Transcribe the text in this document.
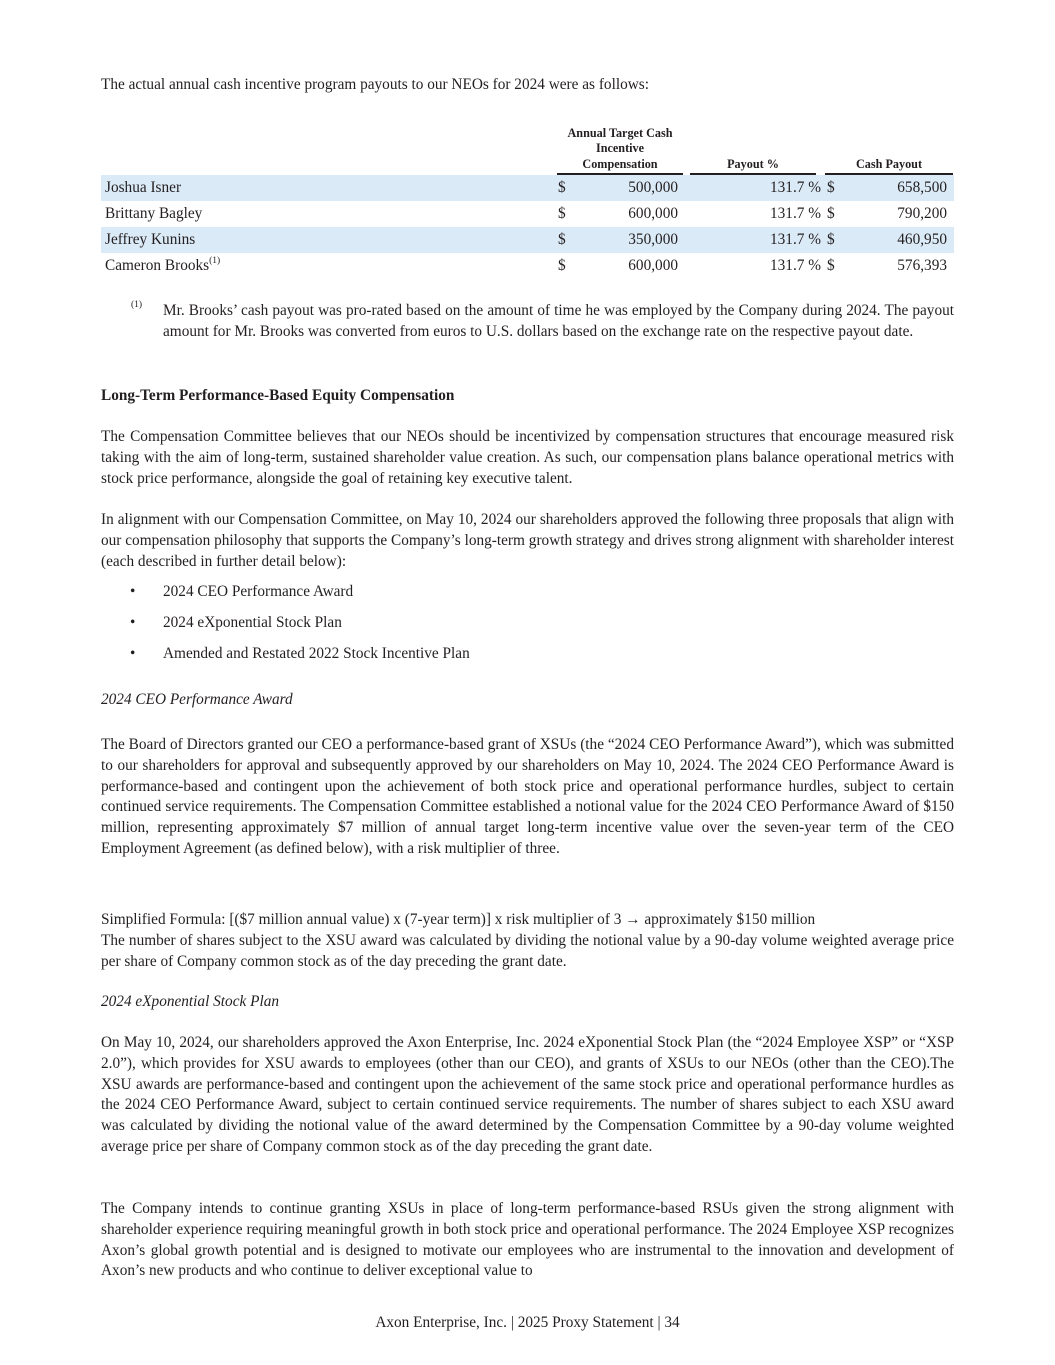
The actual annual cash incentive program payouts to our NEOs for 2024 were as follows:

Annual Target Cash Incentive Compensation	Payout %	Cash Payout
Joshua Isner	$	500,000	131.7 % $	658,500
Brittany Bagley	$	600,000	131.7 % $	790,200
Jeffrey Kunins	$	350,000	131.7 % $	460,950
Cameron Brooks$^{(1)}$	$	600,000	131.7 % $	576,393
(1) Mr. Brooks’ cash payout was pro-rated based on the amount of time he was employed by the Company during 2024. The payout amount for Mr. Brooks was converted from euros to U.S. dollars based on the exchange rate on the respective payout date.

Long-Term Performance-Based Equity Compensation

The Compensation Committee believes that our NEOs should be incentivized by compensation structures that encourage measured risk taking with the aim of long-term, sustained shareholder value creation. As such, our compensation plans balance operational metrics with stock price performance, alongside the goal of retaining key executive talent.

In alignment with our Compensation Committee, on May 10, 2024 our shareholders approved the following three proposals that align with our compensation philosophy that supports the Company’s long-term growth strategy and drives strong alignment with shareholder interest (each described in further detail below):

• 2024 CEO Performance Award
• 2024 eXponential Stock Plan
• Amended and Restated 2022 Stock Incentive Plan

2024 CEO Performance Award

The Board of Directors granted our CEO a performance-based grant of XSUs (the “2024 CEO Performance Award”), which was submitted to our shareholders for approval and subsequently approved by our shareholders on May 10, 2024. The 2024 CEO Performance Award is performance-based and contingent upon the achievement of both stock price and operational performance hurdles, subject to certain continued service requirements. The Compensation Committee established a notional value for the 2024 CEO Performance Award of $150 million, representing approximately $7 million of annual target long-term incentive value over the seven-year term of the CEO Employment Agreement (as defined below), with a risk multiplier of three.

Simplified Formula: [($7 million annual value) x (7-year term)] x risk multiplier of 3 → approximately $150 million

The number of shares subject to the XSU award was calculated by dividing the notional value by a 90-day volume weighted average price per share of Company common stock as of the day preceding the grant date.

2024 eXponential Stock Plan

On May 10, 2024, our shareholders approved the Axon Enterprise, Inc. 2024 eXponential Stock Plan (the “2024 Employee XSP” or “XSP 2.0”), which provides for XSU awards to employees (other than our CEO), and grants of XSUs to our NEOs (other than the CEO).The XSU awards are performance-based and contingent upon the achievement of the same stock price and operational performance hurdles as the 2024 CEO Performance Award, subject to certain continued service requirements. The number of shares subject to each XSU award was calculated by dividing the notional value of the award determined by the Compensation Committee by a 90-day volume weighted average price per share of Company common stock as of the day preceding the grant date.

The Company intends to continue granting XSUs in place of long-term performance-based RSUs given the strong alignment with shareholder experience requiring meaningful growth in both stock price and operational performance. The 2024 Employee XSP recognizes Axon’s global growth potential and is designed to motivate our employees who are instrumental to the innovation and development of Axon’s new products and who continue to deliver exceptional value to

Axon Enterprise, Inc. | 2025 Proxy Statement | 34
